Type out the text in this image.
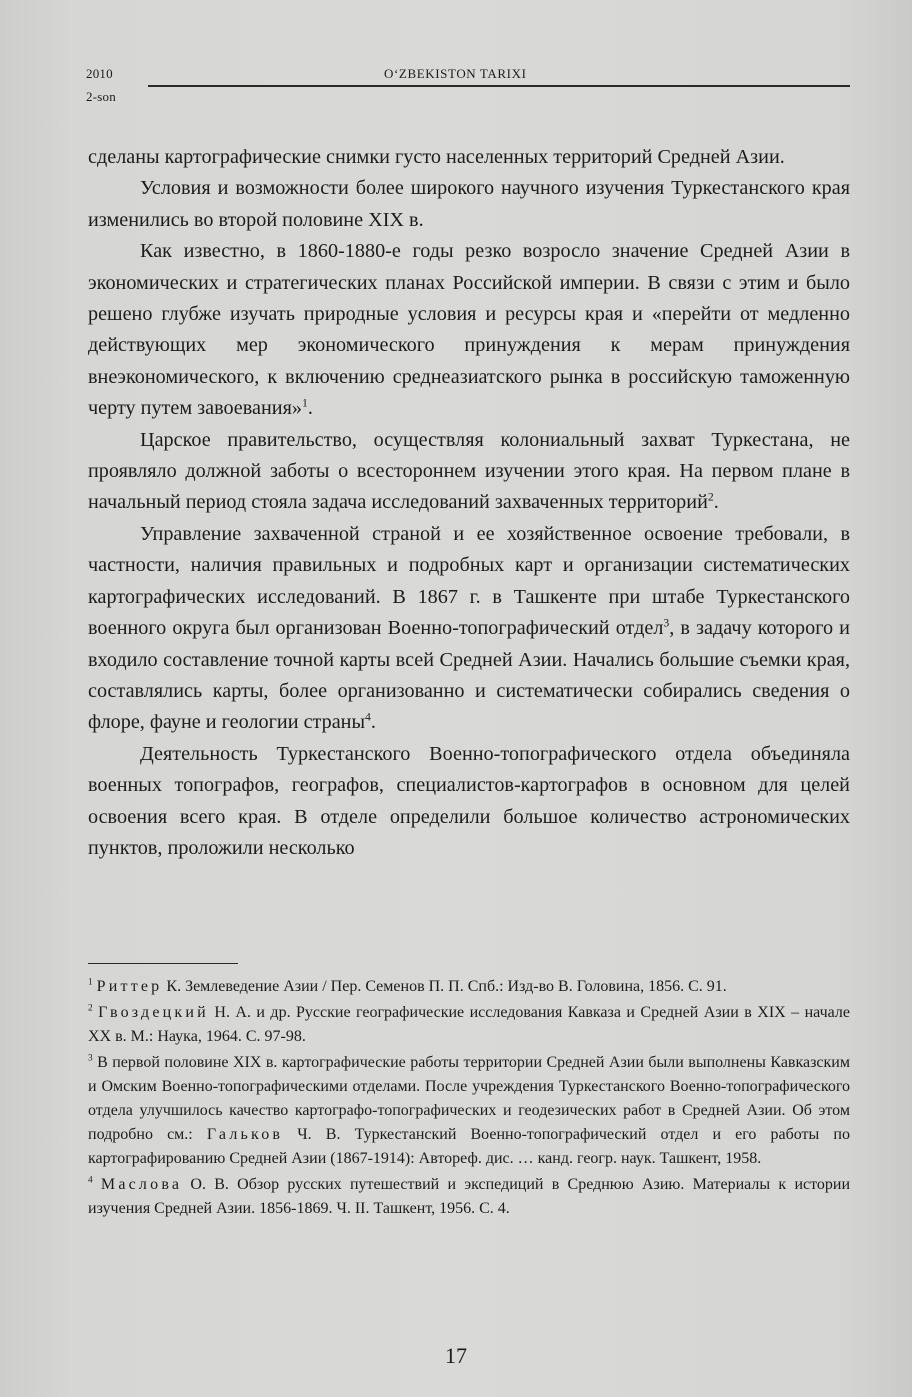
2010
2-son
O‘ZBEKISTON TARIXI

сделаны картографические снимки густо населенных территорий Средней Азии.

Условия и возможности более широкого научного изучения Туркестанского края изменились во второй половине XIX в.

Как известно, в 1860-1880-е годы резко возросло значение Средней Азии в экономических и стратегических планах Российской империи. В связи с этим и было решено глубже изучать природные условия и ресурсы края и «перейти от медленно действующих мер экономического принуждения к мерам принуждения внеэкономического, к включению среднеазиатского рынка в российскую таможенную черту путем завоевания»$^1$.

Царское правительство, осуществляя колониальный захват Туркестана, не проявляло должной заботы о всестороннем изучении этого края. На первом плане в начальный период стояла задача исследований захваченных территорий$^2$.

Управление захваченной страной и ее хозяйственное освоение требовали, в частности, наличия правильных и подробных карт и организации систематических картографических исследований. В 1867 г. в Ташкенте при штабе Туркестанского военного округа был организован Военно-топографический отдел$^3$, в задачу которого и входило составление точной карты всей Средней Азии. Начались большие съемки края, составлялись карты, более организованно и систематически собирались сведения о флоре, фауне и геологии страны$^4$.

Деятельность Туркестанского Военно-топографического отдела объединяла военных топографов, географов, специалистов-картографов в основном для целей освоения всего края. В отделе определили большое количество астрономических пунктов, проложили несколько

$^1$ Риттер К. Землеведение Азии / Пер. Семенов П. П. Спб.: Изд-во В. Головина, 1856. С. 91.

$^2$ Гвоздецкий Н. А. и др. Русские географические исследования Кавказа и Средней Азии в XIX – начале XX в. М.: Наука, 1964. С. 97-98.

$^3$ В первой половине XIX в. картографические работы территории Средней Азии были выполнены Кавказским и Омским Военно-топографическими отделами. После учреждения Туркестанского Военно-топографического отдела улучшилось качество картографо-топографических и геодезических работ в Средней Азии. Об этом подробно см.: Гальков Ч. В. Туркестанский Военно-топографический отдел и его работы по картографированию Средней Азии (1867-1914): Автореф. дис. … канд. геогр. наук. Ташкент, 1958.

$^4$ Маслова О. В. Обзор русских путешествий и экспедиций в Среднюю Азию. Материалы к истории изучения Средней Азии. 1856-1869. Ч. II. Ташкент, 1956. С. 4.

17
